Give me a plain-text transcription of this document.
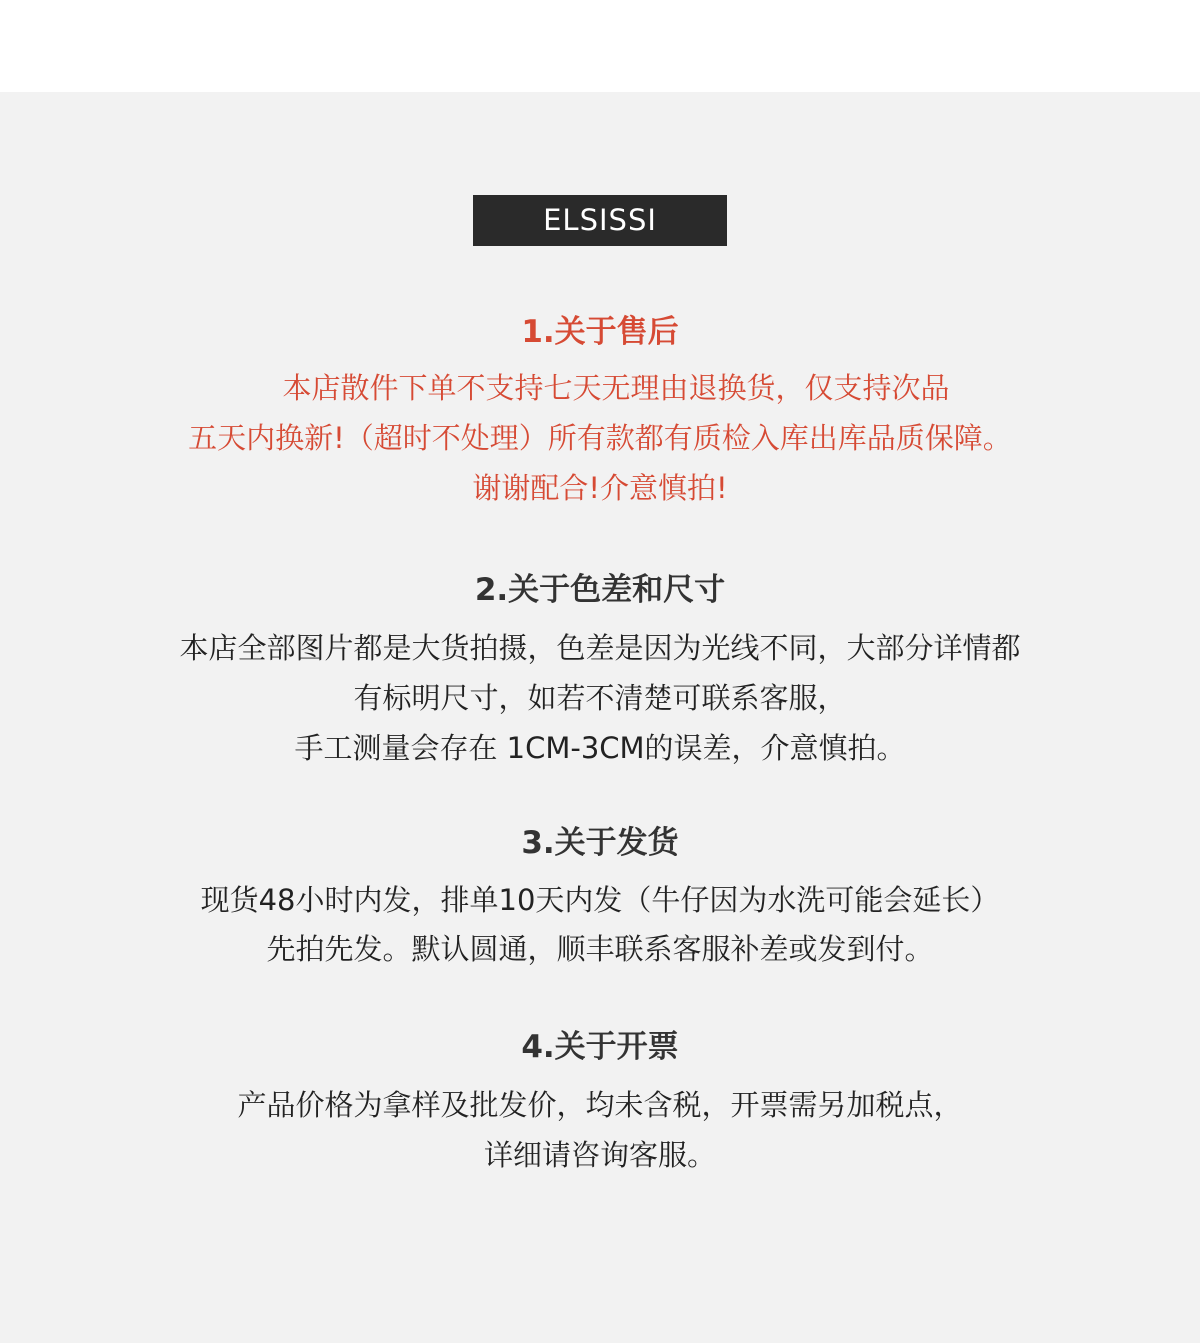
ELSISSI
1.关于售后
本店散件下单不支持七天无理由退换货，仅支持次品
五天内换新!（超时不处理）所有款都有质检入库出库品质保障。
谢谢配合!介意慎拍!
2.关于色差和尺寸
本店全部图片都是大货拍摄，色差是因为光线不同，大部分详情都
有标明尺寸，如若不清楚可联系客服，
手工测量会存在 1CM-3CM的误差，介意慎拍。
3.关于发货
现货48小时内发，排单10天内发（牛仔因为水洗可能会延长）
先拍先发。默认圆通，顺丰联系客服补差或发到付。
4.关于开票
产品价格为拿样及批发价，均未含税，开票需另加税点，
详细请咨询客服。
